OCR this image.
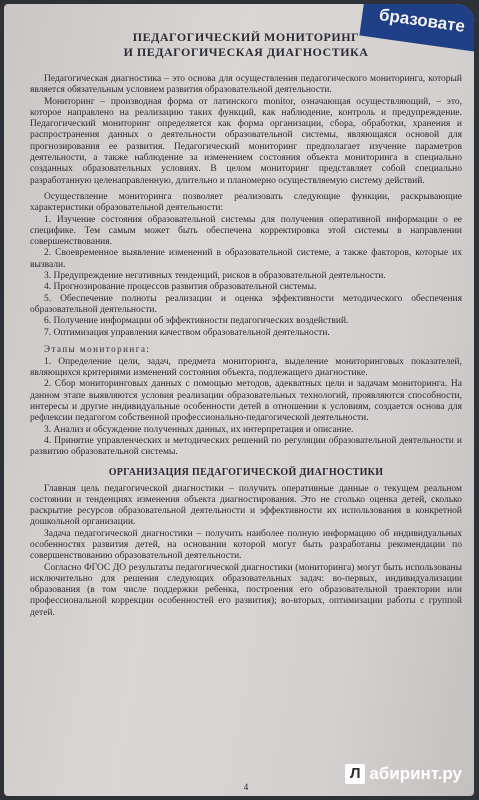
бразовате
ПЕДАГОГИЧЕСКИЙ МОНИТОРИНГ
И ПЕДАГОГИЧЕСКАЯ ДИАГНОСТИКА

Педагогическая диагностика – это основа для осуществления педагогического мониторинга, который является обязательным условием развития образовательной деятельности.

Мониторинг – производная форма от латинского monitor, означающая осуществляющий, – это, которое направлено на реализацию таких функций, как наблюдение, контроль и предупреждение. Педагогический мониторинг определяется как форма организации, сбора, обработки, хранения и распространения данных о деятельности образовательной системы, являющаяся основой для прогнозирования ее развития. Педагогический мониторинг предполагает изучение параметров деятельности, а также наблюдение за изменением состояния объекта мониторинга в специально созданных образовательных условиях. В целом мониторинг представляет собой специально разработанную целенаправленную, длительно и планомерно осуществляемую систему действий.

Осуществление мониторинга позволяет реализовать следующие функции, раскрывающие характеристики образовательной деятельности:

1. Изучение состояния образовательной системы для получения оперативной информации о ее специфике. Тем самым может быть обеспечена корректировка этой системы в направлении совершенствования.

2. Своевременное выявление изменений в образовательной системе, а также факторов, которые их вызвали.

3. Предупреждение негативных тенденций, рисков в образовательной деятельности.

4. Прогнозирование процессов развития образовательной системы.

5. Обеспечение полноты реализации и оценка эффективности методического обеспечения образовательной деятельности.

6. Получение информации об эффективности педагогических воздействий.

7. Оптимизация управления качеством образовательной деятельности.

Этапы мониторинга:

1. Определение цели, задач, предмета мониторинга, выделение мониторинговых показателей, являющихся критериями изменений состояния объекта, подлежащего диагностике.

2. Сбор мониторинговых данных с помощью методов, адекватных цели и задачам мониторинга. На данном этапе выявляются условия реализации образовательных технологий, проявляются способности, интересы и другие индивидуальные особенности детей в отношении к условиям, создается основа для рефлексии педагогом собственной профессионально-педагогической деятельности.

3. Анализ и обсуждение полученных данных, их интерпретация и описание.

4. Принятие управленческих и методических решений по регуляции образовательной деятельности и развитию образовательной системы.

ОРГАНИЗАЦИЯ ПЕДАГОГИЧЕСКОЙ ДИАГНОСТИКИ

Главная цель педагогической диагностики – получить оперативные данные о текущем реальном состоянии и тенденциях изменения объекта диагностирования. Это не столько оценка детей, сколько раскрытие ресурсов образовательной деятельности и эффективности их использования в конкретной дошкольной организации.

Задача педагогической диагностики – получить наиболее полную информацию об индивидуальных особенностях развития детей, на основании которой могут быть разработаны рекомендации по совершенствованию образовательной деятельности.

Согласно ФГОС ДО результаты педагогической диагностики (мониторинга) могут быть использованы исключительно для решения следующих образовательных задач: во-первых, индивидуализации образования (в том числе поддержки ребенка, построения его образовательной траектории или профессиональной коррекции особенностей его развития); во-вторых, оптимизации работы с группой детей.

4
Л абиринт.ру
